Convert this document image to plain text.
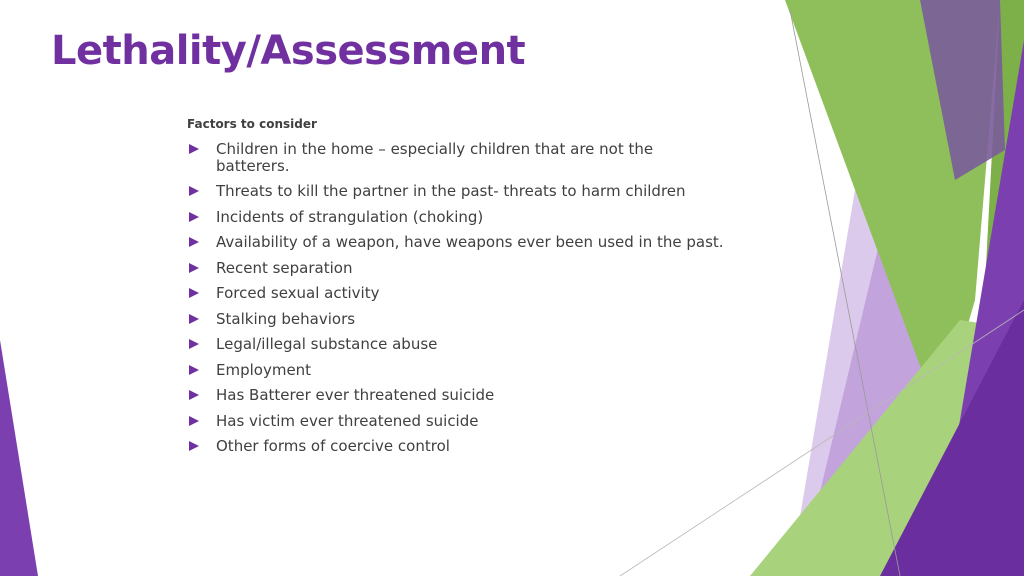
Lethality/Assessment
Factors to consider
Children in the home – especially children that are not the batterers.
Threats to kill the partner in the past- threats to harm children
Incidents of strangulation (choking)
Availability of a weapon, have weapons ever been used in the past.
Recent separation
Forced sexual activity
Stalking behaviors
Legal/illegal substance abuse
Employment
Has Batterer ever threatened suicide
Has victim ever threatened suicide
Other forms of coercive control
